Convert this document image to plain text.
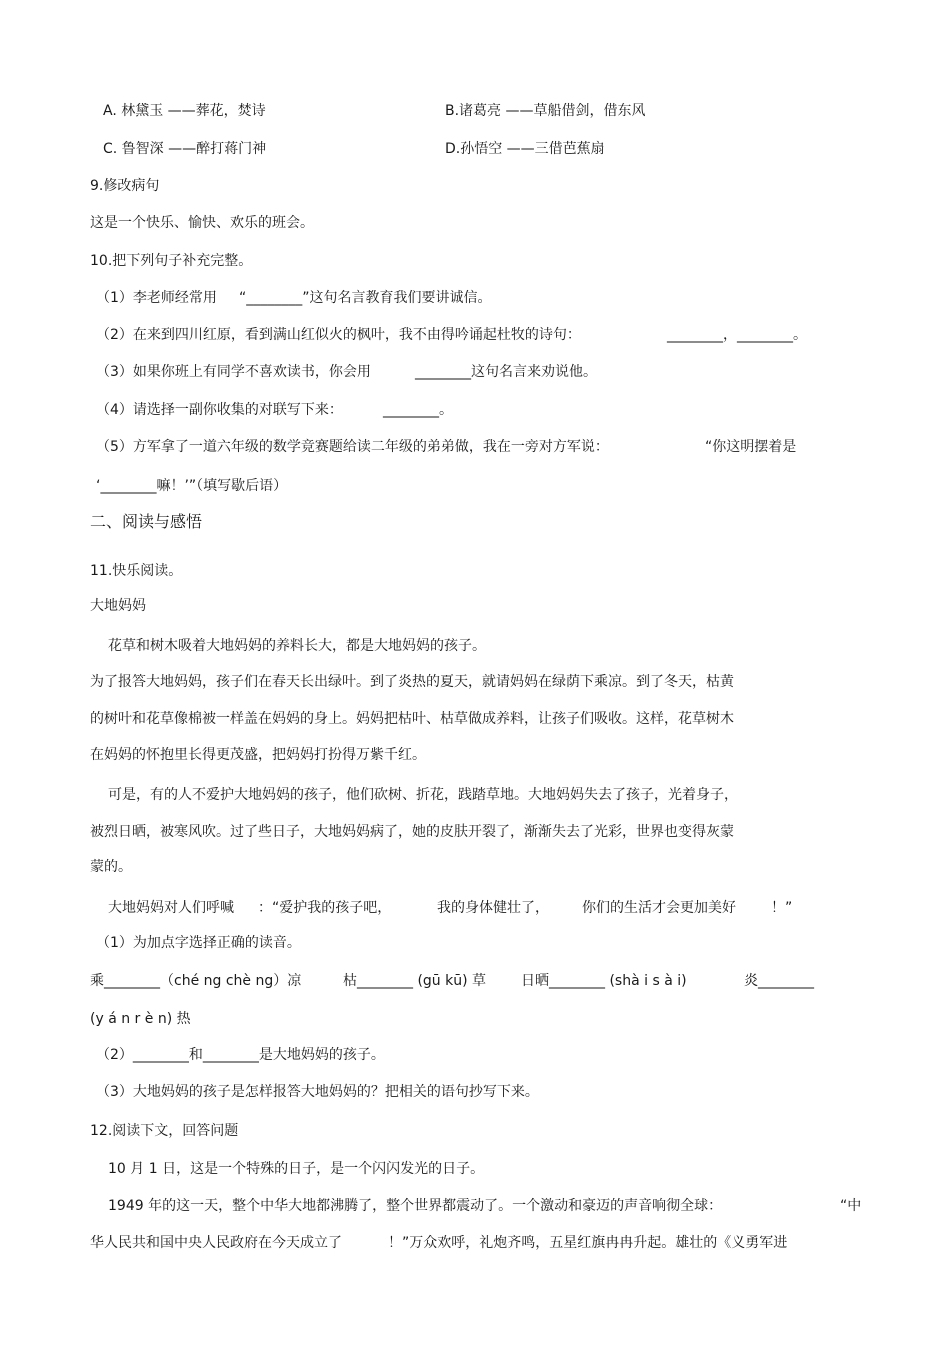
A. 林黛玉 ——葬花，焚诗	B.诸葛亮 ——草船借剑，借东风
C. 鲁智深 ——醉打蒋门神	D.孙悟空 ——三借芭蕉扇
9.修改病句
这是一个快乐、愉快、欢乐的班会。
10.把下列句子补充完整。
（1）李老师经常用 “________”这句名言教育我们要讲诚信。
（2）在来到四川红原，看到满山红似火的枫叶，我不由得吟诵起杜牧的诗句：	________，________。
（3）如果你班上有同学不喜欢读书，你会用	________这句名言来劝说他。
（4）请选择一副你收集的对联写下来：	________。
（5）方军拿了一道六年级的数学竞赛题给读二年级的弟弟做，我在一旁对方军说：	“你这明摆着是
‘________嘛！’”（填写歇后语）
二、阅读与感悟
11.快乐阅读。
大地妈妈
花草和树木吸着大地妈妈的养料长大，都是大地妈妈的孩子。
为了报答大地妈妈，孩子们在春天长出绿叶。到了炎热的夏天，就请妈妈在绿荫下乘凉。到了冬天，枯黄
的树叶和花草像棉被一样盖在妈妈的身上。妈妈把枯叶、枯草做成养料，让孩子们吸收。这样，花草树木
在妈妈的怀抱里长得更茂盛，把妈妈打扮得万紫千红。
可是，有的人不爱护大地妈妈的孩子，他们砍树、折花，践踏草地。大地妈妈失去了孩子，光着身子，
被烈日晒，被寒风吹。过了些日子，大地妈妈病了，她的皮肤开裂了，渐渐失去了光彩，世界也变得灰蒙
蒙的。
大地妈妈对人们呼喊 ：“爱护我的孩子吧，	我的身体健壮了， 你们的生活才会更加美好	！”
（1）为加点字选择正确的读音。
乘________（ché ng chè ng）凉	枯________ (gū kū) 草 日晒________ (shà i s à i)	炎________
(y á n r è n) 热
（2）________和________是大地妈妈的孩子。
（3）大地妈妈的孩子是怎样报答大地妈妈的？把相关的语句抄写下来。
12.阅读下文，回答问题
10 月 1 日，这是一个特殊的日子，是一个闪闪发光的日子。
1949 年的这一天，整个中华大地都沸腾了，整个世界都震动了。一个激动和豪迈的声音响彻全球：	“中
华人民共和国中央人民政府在今天成立了	！”万众欢呼，礼炮齐鸣，五星红旗冉冉升起。雄壮的《义勇军进
